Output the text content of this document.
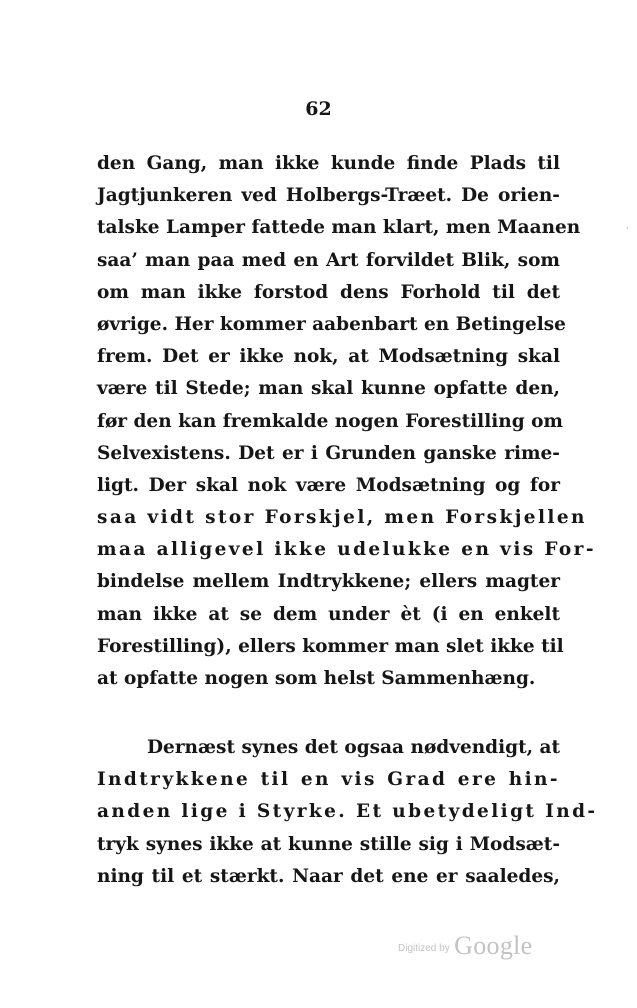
62
’
den Gang, man ikke kunde finde Plads til
Jagtjunkeren ved Holbergs-Træet. De orien-
talske Lamper fattede man klart, men Maanen
saa’ man paa med en Art forvildet Blik, som
om man ikke forstod dens Forhold til det
øvrige. Her kommer aabenbart en Betingelse
frem. Det er ikke nok, at Modsætning skal
være til Stede; man skal kunne opfatte den,
før den kan fremkalde nogen Forestilling om
Selvexistens. Det er i Grunden ganske rime-
ligt. Der skal nok være Modsætning og for
saa vidt stor Forskjel, men Forskjellen
maa alligevel ikke udelukke en vis For-
bindelse mellem Indtrykkene; ellers magter
man ikke at se dem under èt (i en enkelt
Forestilling), ellers kommer man slet ikke til
at opfatte nogen som helst Sammenhæng.
Dernæst synes det ogsaa nødvendigt, at
Indtrykkene til en vis Grad ere hin-
anden lige i Styrke. Et ubetydeligt Ind-
tryk synes ikke at kunne stille sig i Modsæt-
ning til et stærkt. Naar det ene er saaledes,
Digitized by Google
